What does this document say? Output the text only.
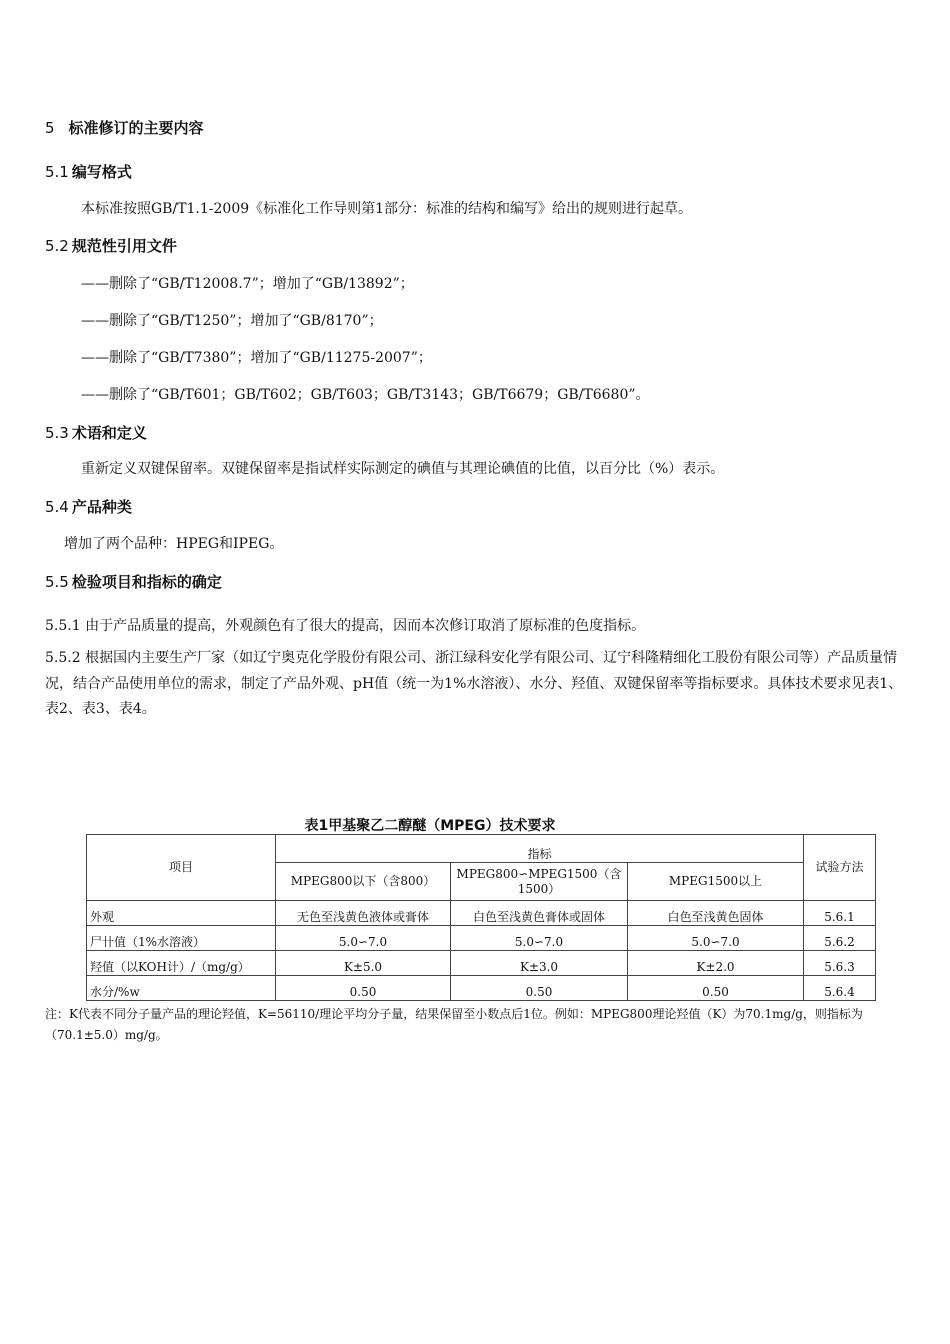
5 标准修订的主要内容
5.1 编写格式
本标准按照GB/T1.1-2009《标准化工作导则第1部分：标准的结构和编写》给出的规则进行起草。
5.2 规范性引用文件
——删除了“GB/T12008.7”；增加了“GB/13892”；
——删除了“GB/T1250”；增加了“GB/8170”；
——删除了“GB/T7380”；增加了“GB/11275-2007”；
——删除了“GB/T601；GB/T602；GB/T603；GB/T3143；GB/T6679；GB/T6680”。
5.3 术语和定义
重新定义双键保留率。双键保留率是指试样实际测定的碘值与其理论碘值的比值，以百分比（%）表示。
5.4 产品种类
增加了两个品种：HPEG和IPEG。
5.5 检验项目和指标的确定
5.5.1 由于产品质量的提高，外观颜色有了很大的提高，因而本次修订取消了原标准的色度指标。
5.5.2 根据国内主要生产厂家（如辽宁奥克化学股份有限公司、浙江绿科安化学有限公司、辽宁科隆精细化工股份有限公司等）产品质量情况，结合产品使用单位的需求，制定了产品外观、pH值（统一为1%水溶液）、水分、羟值、双键保留率等指标要求。具体技术要求见表1、表2、表3、表4。
表1甲基聚乙二醇醚（MPEG）技术要求
项目	指标			试验方法
	MPEG800以下（含800）	MPEG800∽MPEG1500（含1500）	MPEG1500以上	
外观	无色至浅黄色液体或膏体	白色至浅黄色膏体或固体	白色至浅黄色固体	5.6.1
尸卄值（1%水溶液）	5.0∽7.0	5.0∽7.0	5.0∽7.0	5.6.2
羟值（以KOH计）/（mg/g）	K±5.0	K±3.0	K±2.0	5.6.3
水分/%w	0.50	0.50	0.50	5.6.4
注：K代表不同分子量产品的理论羟值，K=56110/理论平均分子量，结果保留至小数点后1位。例如：MPEG800理论羟值（K）为70.1mg/g，则指标为（70.1±5.0）mg/g。
